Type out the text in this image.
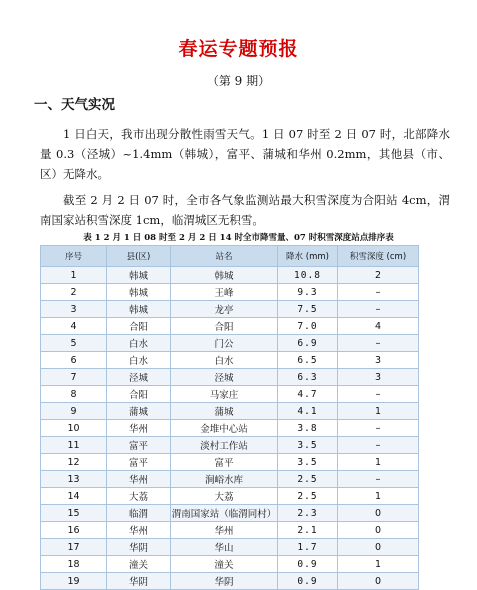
春运专题预报
（第 9 期）
一、天气实况
1 日白天，我市出现分散性雨雪天气。1 日 07 时至 2 日 07 时，北部降水量 0.3（泾城）~1.4mm（韩城），富平、蒲城和华州 0.2mm，其他县（市、区）无降水。
截至 2 月 2 日 07 时，全市各气象监测站最大积雪深度为合阳站 4cm，渭南国家站积雪深度 1cm，临渭城区无积雪。
表 1 2 月 1 日 08 时至 2 月 2 日 14 时全市降雪量、07 时积雪深度站点排序表
序号	县(区)	站名	降水 (mm)	积雪深度 (cm)
1	韩城	韩城	10.8	2
2	韩城	王峰	9.3	–
3	韩城	龙亭	7.5	–
4	合阳	合阳	7.0	4
5	白水	门公	6.9	–
6	白水	白水	6.5	3
7	泾城	泾城	6.3	3
8	合阳	马家庄	4.7	–
9	蒲城	蒲城	4.1	1
10	华州	金堆中心站	3.8	–
11	富平	淡村工作站	3.5	–
12	富平	富平	3.5	1
13	华州	涧峪水库	2.5	–
14	大荔	大荔	2.5	1
15	临渭	渭南国家站（临渭同村）	2.3	0
16	华州	华州	2.1	0
17	华阴	华山	1.7	0
18	潼关	潼关	0.9	1
19	华阴	华阴	0.9	0
